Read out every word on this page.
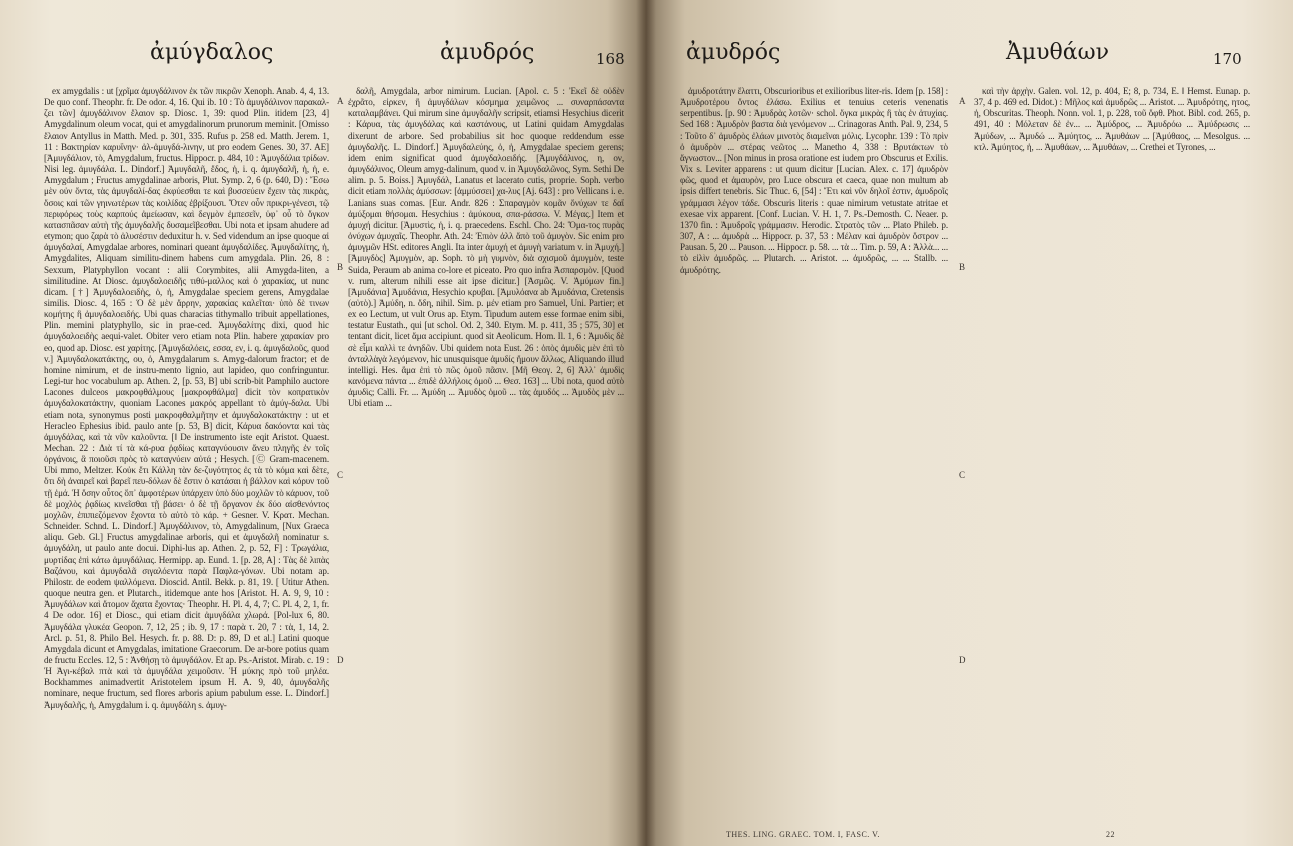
ἀμύγδαλος	ἀμυδρός	168

ex amygdalis : ut [χρῖμα ἀμυγδάλινον ἐκ τῶν πικρῶν Xenoph. Anab. 4, 4, 13. De quo conf. Theophr. fr. De odor. 4, 16. Qui ib. 10 : Τὸ ἀμυγδάλινον παρακαλ-ζει τῶν] ἀμυγδάλινον ἔλαιον sp. Diosc. 1, 39: quod Plin. itidem [23, 4] Amygdalinum oleum vocat, qui et amygdalinorum prunorum meminit. [Omisso ἔλαιον Antyllus in Matth. Med. p. 301, 335. Rufus p. 258 ed. Matth. Jerem. 1, 11 : Βακτηρίαν καρυΐνην· ἀλ-ἀμυγδά-λινην, ut pro eodem Genes. 30, 37. AE] [Ἀμυγδάλιον, τὸ, Amygdalum, fructus. Hippocr. p. 484, 10 : Ἀμυγδάλια τρίδων. Nisi leg. ἀμυγδάλα. L. Dindorf.] Ἀμυγδαλῆ, ἔδος, ἡ, i. q. ἀμυγδαλῆ, ἡ, ἡ, e. Amygdalum ; Fructus amygdalinae arboris, Plut. Symp. 2, 6 (p. 640, D) : Ἔσω μὲν οὐν ὄντα, τὰς ἀμυγδαλί-δας ἐκφύεσθαι τε καὶ βυσσεύειν ἔχειν τὰς πικρὰς, ὅσοις καὶ τῶν γηινωτέρων τὰς κοιλίδας ἐβρίξουσι. Ὅτεν οὖν πρικρι-γένεσι, τῷ περιφόρως τοὺς καρπούς ἀμείωσαν, καὶ δεγμὸν ἐμπεσεῖν, ὑφ᾽ οὗ τὸ ὄγκον κατασπᾶσαν αὐτὴ τῆς ἀμυγδαλῆς δυσαμεῖβεσθαι. Ubi nota et ipsam ahudere ad etymon; quo ζαρὰ τὸ ἀλυσέστιν deduxitur h. v. Sed videndum an ipse quoque αἱ ἀμυγδαλαί, Amygdalae arbores, nominari queant ἀμυγδαλίδες. Ἀμυγδαλίτης, ἡ, Amygdalites, Aliquam similitu-dinem habens cum amygdala. Plin. 26, 8 : Sexxum, Platyphyllon vocant : alii Corymbites, alii Amygda-liten, a similitudine. At Diosc. ἀμυγδαλοειδῆς τιθύ-μαλλος καὶ ὁ χαρακίας, ut nunc dicam. [†] Ἀμυγδαλοειδὴς, ὁ, ἡ, Amygdalae speciem gerens, Amygdalae similis. Diosc. 4, 165 : Ὁ δὲ μὲν ἄρρην, χαρακίας καλεῖται· ὑπὸ δὲ τινων κομήτης ἢ ἀμυγδαλοειδής. Ubi quas characias tithymallo tribuit appellationes, Plin. memini platyphyllo, sic in prae-ced. Ἀμυγδαλίτης dixi, quod hic ἀμυγδαλοειδὴς aequi-valet. Obiter vero etiam nota Plin. habere χαρακίαν pro eo, quod ap. Diosc. est χαρίτης. [Ἀμυγδαλόεις, εσσα, εν, i. q. ἀμυγδαλοῦς, quod v.] Ἀμυγδαλοκατάκτης, ου, ὁ, Amygdalarum s. Amyg-dalorum fractor; et de homine nimirum, et de instru-mento lignio, aut lapideo, quo confringuntur. Legi-tur hoc vocabulum ap. Athen. 2, [p. 53, B] ubi scrib-bit Pamphilo auctore Lacones dulceos μακροφθάλμους [μακροφθάλμα] dicit τὸν κοπρατικὸν ἀμυγδαλοκατάκτην, quoniam Lacones μακρός appellant τὸ ἀμύγ-δαλα. Ubi etiam nota, synonymus posti μακροφθαλμῆτην et ἀμυγδαλοκατάκτην : ut et Heracleo Ephesius ibid. paulo ante [p. 53, B] dicit, Κάρυα δακόοντα καὶ τὰς ἀμυγδάλας, καὶ τὰ νῦν καλοῦντα. [‖ De instrumento iste eqit Aristot. Quaest. Mechan. 22 : Διὰ τί τὰ κά-ρυα ῥᾳδίως καταγνύουσιν ἄνευ πληγῆς ἐν τοῖς ὀργάνοις, ἃ ποιοῦσι πρὸς τὸ καταγνύειν αὐτά ; Hesych. [Ⓒ Gram-macenem. Ubi mmo, Meltzer. Κοὐκ ἔτι Κάλλη τὰν δε-ζυγότητος ἐς τὰ τὸ κόμα καὶ δὲτε, ὅτι δὴ ἀναιρεῖ καὶ βαρεῖ πευ-δόλων δὲ ἔστιν ὁ κατάσαι ἡ βάλλον καὶ κόρυν τοῦ τῇ ἐμά. Ἡ ὅσην οὖτος ὅπ᾽ ἀμφοτέρων ὑπάρχειν ὑπὸ δύο μοχλῶν τὸ κάρυον, τοῦ δὲ μοχλὸς ῥᾳδίως κινεῖσθαι τῇ βάσει· ὁ δὲ τῇ ὄργανον ἐκ δύο αἰσθενόντος μοχλῶν, ἐπιπιεζόμενον ἔχοντα τὸ αὐτὸ τὸ κάρ. + Gesner. V. Κρατ. Mechan. Schneider. Schnd. L. Dindorf.] Ἀμυγδάλινον, τὸ, Amygdalinum, [Nux Graeca aliqu. Geb. Gl.] Fructus amygdalinae arboris, qui et ἀμυγδαλῆ nominatur s. ἀμυγδάλη, ut paulo ante docui. Diphi-lus ap. Athen. 2, p. 52, F] : Τρωγάλια, μυρτίδας ἐπὶ κάτω ἀμυγδάλιας. Hermipp. ap. Eund. 1. [p. 28, A] : Τὰς δὲ λιπὰς Βαζάνου, καὶ ἀμυγδαλᾶ σιγαλόεντα παρὰ Παφλα-γόνων. Ubi notam ap. Philostr. de eodem ψαλλόμενα. Dioscid. Antil. Bekk. p. 81, 19. [ Utitur Athen. quoque neutra gen. et Plutarch., itidemque ante hos [Aristot. H. A. 9, 9, 10 : Ἀμυγδάλων καὶ ἄτομον ἄχατα ἔχοντας· Theophr. H. Pl. 4, 4, 7; C. Pl. 4, 2, 1, fr. 4 De odor. 16] et Diosc., qui etiam dicit ἀμυγδάλα χλωρά. [Pol-lux 6, 80. Ἀμυγδάλα γλυκέα Geopon. 7, 12, 25 ; ib. 9, 17 : παρὰ τ. 20, 7 : τὰ, 1, 14, 2. Arcl. p. 51, 8. Philo Bel. Hesych. fr. p. 88. D: p. 89, D et al.] Latini quoque Amygdala dicunt et Amygdalas, imitatione Graecorum. De ar-bore potius quam de fructu Eccles. 12, 5 : Ἀνθήσῃ τὸ ἀμυγδάλον. Et ap. Ps.-Aristot. Mirab. c. 19 : Ἡ Ἀγι-κέβαλ πτὰ καὶ τὰ ἀμυγδάλα χειμοῦσιν. Ἡ μύκης πρὸ τοῦ μηλέα. Bockhammes animadvertit Aristotelem ipsum H. A. 9, 40, ἀμυγδαλῆς nominare, neque fructum, sed flores arboris apium pabulum esse. L. Dindorf.] Ἀμυγδαλῆς, ἡ, Amygdalum i. q. ἀμυγδάλη s. ἀμυγ-

δαλῆ, Amygdala, arbor nimirum. Lucian. [Apol. c. 5 : Ἐκεῖ δὲ οὐδὲν ἐχρᾶτο, εἰρκεν, ἢ ἀμυγδάλων κόσμημα χειμῶνος ... συναρπάσαντα καταλαμβάνει. Qui mirum sine ἀμυγδαλῆν scripsit, etiamsi Hesychius dicerit : Κάρυα, τὰς ἀμυγδάλας καὶ καστάνους, ut Latini quidam Amygdalas dixerunt de arbore. Sed probabilius sit hoc quoque reddendum esse ἀμυγδαλῆς. L. Dindorf.] Ἀμυγδαλεύης, ὁ, ἡ, Amygdalae speciem gerens; idem enim significat quod ἀμυγδαλοειδής. [Ἀμυγδάλινος, η, ον, ἀμυγδάλινος, Oleum amyg-dalinum, quod v. in Ἀμυγδαλῶνος, Sym. Sethi De alim. p. 5. Boiss.] Ἀμυγδάλ, Lanatus et lacerato cutis, proprie. Soph. verbo dicit etiam πολλὰς ἀμύσσων: [ἀμμύσσει] χα-λυς [Aj. 643] : pro Vellicans i. e. Lanians suas comas. [Eur. Andr. 826 : Σπαραγμὸν κομᾶν ὄνύχων τε δαΐ ἀμύξομαι θήσομαι. Hesychius : ἀμύκουα, σπα-ράσσω. V. Μέγας.] Item et ἀμυχή dicitur. [Ἀμυστὶς, ἡ, i. q. praecedens. Eschl. Cho. 24: Ὅμα-τος πυρὰς ὀνύχων ἀμυχαῖς. Theophr. Ath. 24: Ἐπιὸν ἀλλ ἄπὸ τοῦ ἀμυγὸν. Sic enim pro ἀμυγμῶν HSt. editores Angli. Ita inter ἀμυχή et ἀμυγὴ variatum v. in Ἀμυχή.] [Ἀμυγδὸς] Ἀμυγμὸν, ap. Soph. τὸ μὴ γυμνὸν, διὰ σχισμοῦ ἀμυγμὸν, teste Suida, Peraum ab anima co-lore et piceato. Pro quo infra Ἀσπαρσμὸν. [Quod v. rum, alterum nihili esse ait ipse dicitur.] [Ἀσμῶς. V. Ἀμύμων fin.] [Ἀμυδάνια] Ἀμυδάνια, Hesychio κρυβαι. [Ἀμυλόανα ab Ἀμυδάνια, Cretensis (αὐτὸ).] Ἀμύδη, n. ὅδη, nihil. Sim. p. μέν etiam pro Samuel, Uni. Partier; et ex eo Lectum, ut vult Orus ap. Etym. Tipudum autem esse formae enim sibi, testatur Eustath., qui [ut schol. Od. 2, 340. Etym. M. p. 411, 35 ; 575, 30] et tentant dicit, licet ἄμα accipiunt. quod sit Aeolicum. Hom. Il. 1, 6 : Ἀμυδὶς δὲ σὲ εἶμι καλλὶ τε ἀνηδῶν. Ubi quidem nota Eust. 26 : ὁπὸς ἀμυδὶς μὲν ἐπὶ τὸ ἀνταλλὰγὰ λεγόμενον, hic unusquisque ἀμυδίς ἤμουν ἄλλως, Aliquando illud intelligi. Hes. ἅμα ἐπὶ τὸ πῶς ὁμοῦ πᾶσιν. [Μῆ Θεογ. 2, 6] Ἀλλ᾽ ἀμυδὶς κανόμενα πάντα ... ἐπιδὲ ἀλλήλοις ὁμοῦ ... Θεσ. 163] ... Ubi nota, quod αὐτὸ ἀμυδὶς; Calli. Fr. ... Ἀμύδη ... Ἀμυδὸς ὁμοῦ ... τὰς ἀμυδός ... Ἀμυδὸς μὲν ... Ubi etiam ...

A
B
C
D
ἀμυδρός	Ἀμυθάων	170

ἀμυδροτάτην ἔλαττι, Obscurioribus et exilioribus liter-ris. Idem [p. 158] : Ἀμυδροτέρου ὄντος ἐλάσω. Exilius et tenuius ceteris venenatis serpentibus. [p. 90 : Ἀμυδρὰς λοτῶν· schol. ὄγκα μικρὰς ἢ τὰς ἐν ἀτυχίας. Sed 168 : Ἀμυδρὸν βαστα διὰ γενόμενον ... Crinagoras Anth. Pal. 9, 234, 5 : Τοῦτο δ᾽ ἀμυδρὸς ἐλάων μινοτὸς διαμεῖναι μόλις. Lycophr. 139 : Τὸ πρὶν ὁ ἀμυδρὸν ... στέρας νεῶτος ... Manetho 4, 338 : Βρυτάκτων τὸ ἄγνωστον... [Non minus in prosa oratione est iudem pro Obscurus et Exilis. Vix s. Leviter apparens : ut quum dicitur [Lucian. Alex. c. 17] ἀμυδρὸν φῶς, quod et ἀμαυρὸν, pro Luce obscura et caeca, quae non multum ab ipsis differt tenebris. Sic Thuc. 6, [54] : Ἔτι καὶ νῦν δηλοῖ ἐστιν, ἀμυδροῖς γράμμασι λέγον τάδε. Obscuris literis : quae nimirum vetustate atritae et exesae vix apparent. [Conf. Lucian. V. H. 1, 7. Ps.-Demosth. C. Neaer. p. 1370 fin. : Ἀμυδροῖς γράμμασιν. Herodic. Στρατὸς τῶν ... Plato Phileb. p. 307, A : ... ἀμυδρὰ ... Hippocr. p. 37, 53 : Μέλαν καὶ ἀμυδρὸν ὄστρον ... Pausan. 5, 20 ... Pauson. ... Hippocr. p. 58. ... τὰ ... Tim. p. 59, A : Ἀλλὰ... ... τὸ εἰλὶν ἀμυδρῶς. ... Plutarch. ... Aristot. ... ἀμυδρῶς, ... ... Stallb. ... ἀμυδρότης.

καὶ τὴν ἀρχὴν. Galen. vol. 12, p. 404, E; 8, p. 734, E. ‖ Hemst. Eunap. p. 37, 4 p. 469 ed. Didot.) : Μῆλος καὶ ἀμυδρῶς ... Aristot. ... Ἀμυδρότης, ητος, ἡ, Obscuritas. Theoph. Nonn. vol. 1, p. 228, τοῦ ὄφθ. Phot. Bibl. cod. 265, p. 491, 40 : Μόλεταν δὲ ἐν... ... Ἀμύδρος, ... Ἀμυδρόω ... Ἀμύδρωσις ... Ἀμύδων, ... Ἀμυδώ ... Ἀμύητος, ... Ἀμυθάων ... [Ἀμύθαος, ... Mesolgus. ... κτλ. Ἀμύητος, ἡ, ... Ἀμυθάων, ... Ἀμυθάων, ... Crethei et Tyrones, ...

A
B
C
D
THES. LING. GRAEC. TOM. I, FASC. V.	22
